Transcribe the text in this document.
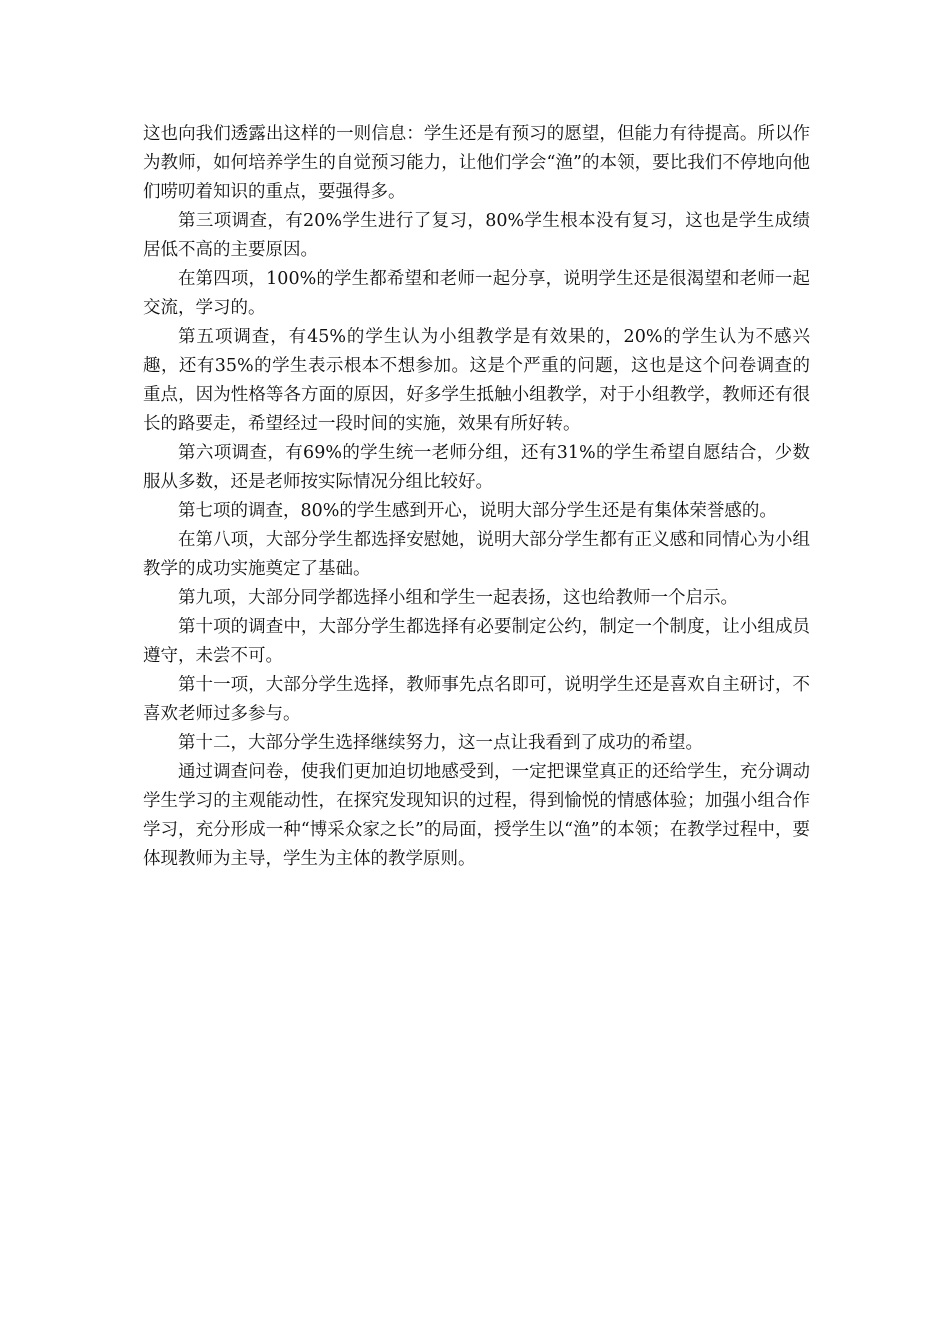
这也向我们透露出这样的一则信息：学生还是有预习的愿望，但能力有待提高。所以作为教师，如何培养学生的自觉预习能力，让他们学会“渔”的本领，要比我们不停地向他们唠叨着知识的重点，要强得多。

第三项调查，有20%学生进行了复习，80%学生根本没有复习，这也是学生成绩居低不高的主要原因。

在第四项，100%的学生都希望和老师一起分享，说明学生还是很渴望和老师一起交流，学习的。

第五项调查，有45%的学生认为小组教学是有效果的，20%的学生认为不感兴趣，还有35%的学生表示根本不想参加。这是个严重的问题，这也是这个问卷调查的重点，因为性格等各方面的原因，好多学生抵触小组教学，对于小组教学，教师还有很长的路要走，希望经过一段时间的实施，效果有所好转。

第六项调查，有69%的学生统一老师分组，还有31%的学生希望自愿结合，少数服从多数，还是老师按实际情况分组比较好。

第七项的调查，80%的学生感到开心，说明大部分学生还是有集体荣誉感的。

在第八项，大部分学生都选择安慰她，说明大部分学生都有正义感和同情心为小组教学的成功实施奠定了基础。

第九项，大部分同学都选择小组和学生一起表扬，这也给教师一个启示。

第十项的调查中，大部分学生都选择有必要制定公约，制定一个制度，让小组成员遵守，未尝不可。

第十一项，大部分学生选择，教师事先点名即可，说明学生还是喜欢自主研讨，不喜欢老师过多参与。

第十二，大部分学生选择继续努力，这一点让我看到了成功的希望。

通过调查问卷，使我们更加迫切地感受到，一定把课堂真正的还给学生，充分调动学生学习的主观能动性，在探究发现知识的过程，得到愉悦的情感体验；加强小组合作学习，充分形成一种“博采众家之长”的局面，授学生以“渔”的本领；在教学过程中，要体现教师为主导，学生为主体的教学原则。
